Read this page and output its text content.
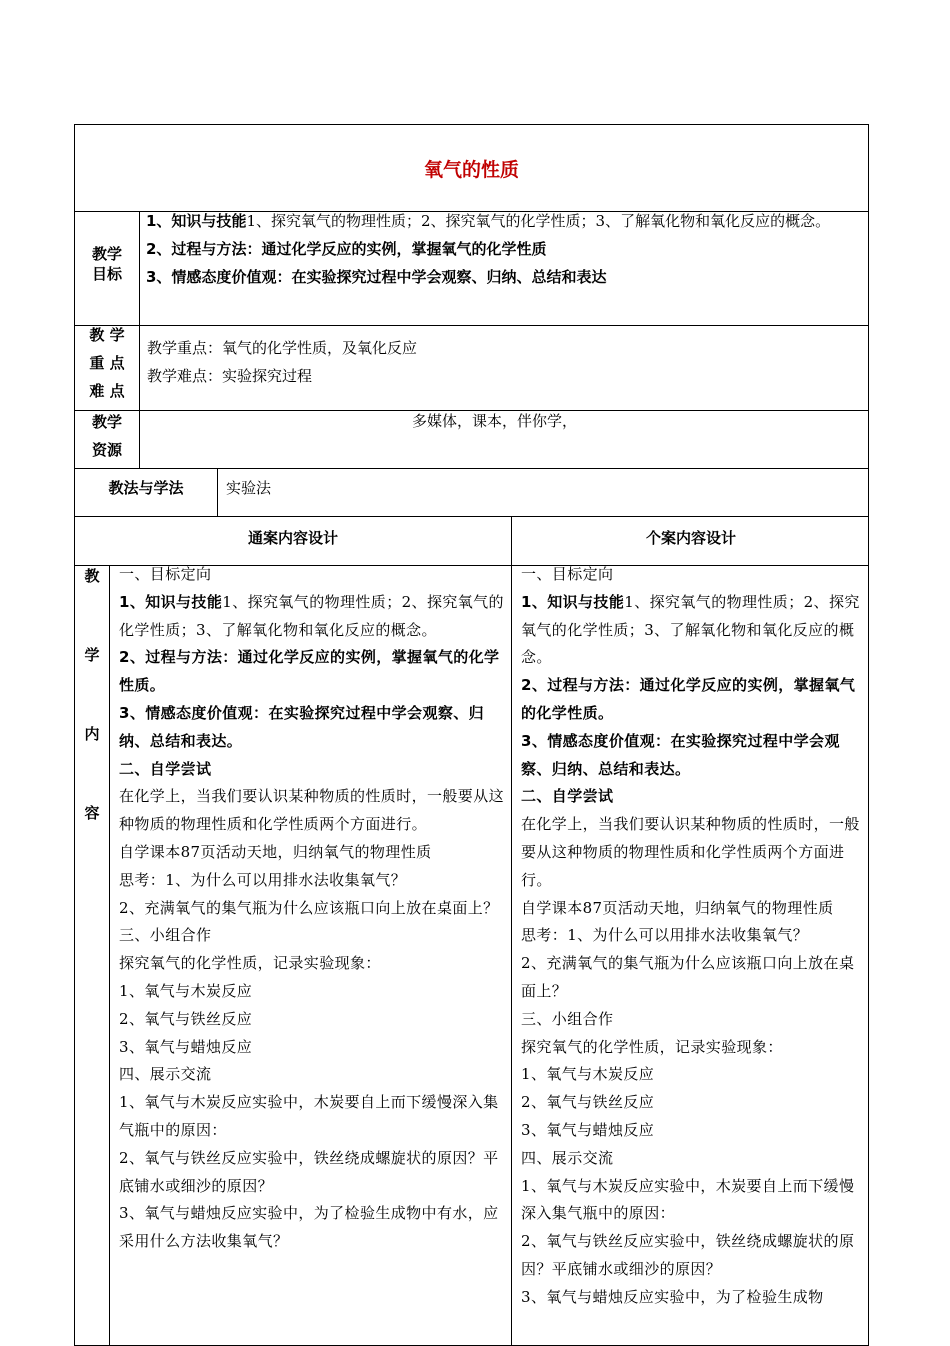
氧气的性质
教学
目标
1、知识与技能1、探究氧气的物理性质；2、探究氧气的化学性质；3、了解氧化物和氧化反应的概念。
2、过程与方法：通过化学反应的实例，掌握氧气的化学性质
3、情感态度价值观：在实验探究过程中学会观察、归纳、总结和表达
教 学
重 点
难 点
教学重点：氧气的化学性质，及氧化反应
教学难点：实验探究过程
教学
资源
多媒体，课本，伴你学，
教法与学法	实验法
通案内容设计	个案内容设计
教
学
内
容

一、目标定向

1、知识与技能1、探究氧气的物理性质；2、探究氧气的化学性质；3、了解氧化物和氧化反应的概念。

2、过程与方法：通过化学反应的实例，掌握氧气的化学性质。

3、情感态度价值观：在实验探究过程中学会观察、归纳、总结和表达。

二、自学尝试

在化学上，当我们要认识某种物质的性质时，一般要从这种物质的物理性质和化学性质两个方面进行。

自学课本87页活动天地，归纳氧气的物理性质

思考：1、为什么可以用排水法收集氧气？

2、充满氧气的集气瓶为什么应该瓶口向上放在桌面上？

三、小组合作

探究氧气的化学性质，记录实验现象：

1、氧气与木炭反应

2、氧气与铁丝反应

3、氧气与蜡烛反应

四、展示交流

1、氧气与木炭反应实验中，木炭要自上而下缓慢深入集气瓶中的原因：

2、氧气与铁丝反应实验中，铁丝绕成螺旋状的原因？平底铺水或细沙的原因？

3、氧气与蜡烛反应实验中，为了检验生成物中有水，应采用什么方法收集氧气？

一、目标定向

1、知识与技能1、探究氧气的物理性质；2、探究氧气的化学性质；3、了解氧化物和氧化反应的概念。

2、过程与方法：通过化学反应的实例，掌握氧气的化学性质。

3、情感态度价值观：在实验探究过程中学会观察、归纳、总结和表达。

二、自学尝试

在化学上，当我们要认识某种物质的性质时，一般要从这种物质的物理性质和化学性质两个方面进行。

自学课本87页活动天地，归纳氧气的物理性质

思考：1、为什么可以用排水法收集氧气？

2、充满氧气的集气瓶为什么应该瓶口向上放在桌面上？

三、小组合作

探究氧气的化学性质，记录实验现象：

1、氧气与木炭反应

2、氧气与铁丝反应

3、氧气与蜡烛反应

四、展示交流

1、氧气与木炭反应实验中，木炭要自上而下缓慢深入集气瓶中的原因：

2、氧气与铁丝反应实验中，铁丝绕成螺旋状的原因？平底铺水或细沙的原因？

3、氧气与蜡烛反应实验中，为了检验生成物
